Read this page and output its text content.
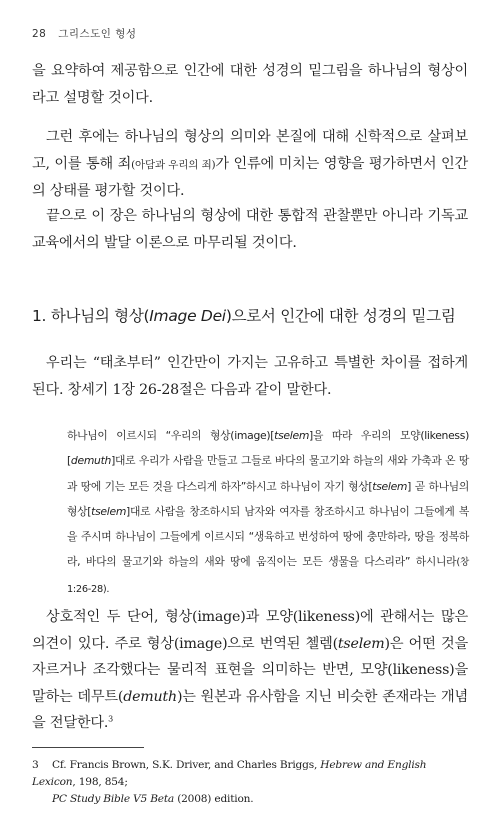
28 그리스도인 형성

을 요약하여 제공함으로 인간에 대한 성경의 밑그림을 하나님의 형상이라고 설명할 것이다.

그런 후에는 하나님의 형상의 의미와 본질에 대해 신학적으로 살펴보고, 이를 통해 죄(아담과 우리의 죄)가 인류에 미치는 영향을 평가하면서 인간의 상태를 평가할 것이다.

끝으로 이 장은 하나님의 형상에 대한 통합적 관찰뿐만 아니라 기독교 교육에서의 발달 이론으로 마무리될 것이다.

1. 하나님의 형상(Image Dei)으로서 인간에 대한 성경의 밑그림

우리는 “태초부터” 인간만이 가지는 고유하고 특별한 차이를 접하게 된다. 창세기 1장 26-28절은 다음과 같이 말한다.

하나님이 이르시되 “우리의 형상(image)[tselem]을 따라 우리의 모양(likeness)[demuth]대로 우리가 사람을 만들고 그들로 바다의 물고기와 하늘의 새와 가축과 온 땅과 땅에 기는 모든 것을 다스리게 하자”하시고 하나님이 자기 형상[tselem] 곧 하나님의 형상[tselem]대로 사람을 창조하시되 남자와 여자를 창조하시고 하나님이 그들에게 복을 주시며 하나님이 그들에게 이르시되 “생육하고 번성하여 땅에 충만하라, 땅을 정복하라, 바다의 물고기와 하늘의 새와 땅에 움직이는 모든 생물을 다스리라” 하시니라(창 1:26-28).

상호적인 두 단어, 형상(image)과 모양(likeness)에 관해서는 많은 의견이 있다. 주로 형상(image)으로 번역된 첼렘(tselem)은 어떤 것을 자르거나 조각했다는 물리적 표현을 의미하는 반면, 모양(likeness)을 말하는 데무트(demuth)는 원본과 유사함을 지닌 비슷한 존재라는 개념을 전달한다.$^3$

3 Cf. Francis Brown, S.K. Driver, and Charles Briggs, Hebrew and English Lexicon, 198, 854;
PC Study Bible V5 Beta (2008) edition.
